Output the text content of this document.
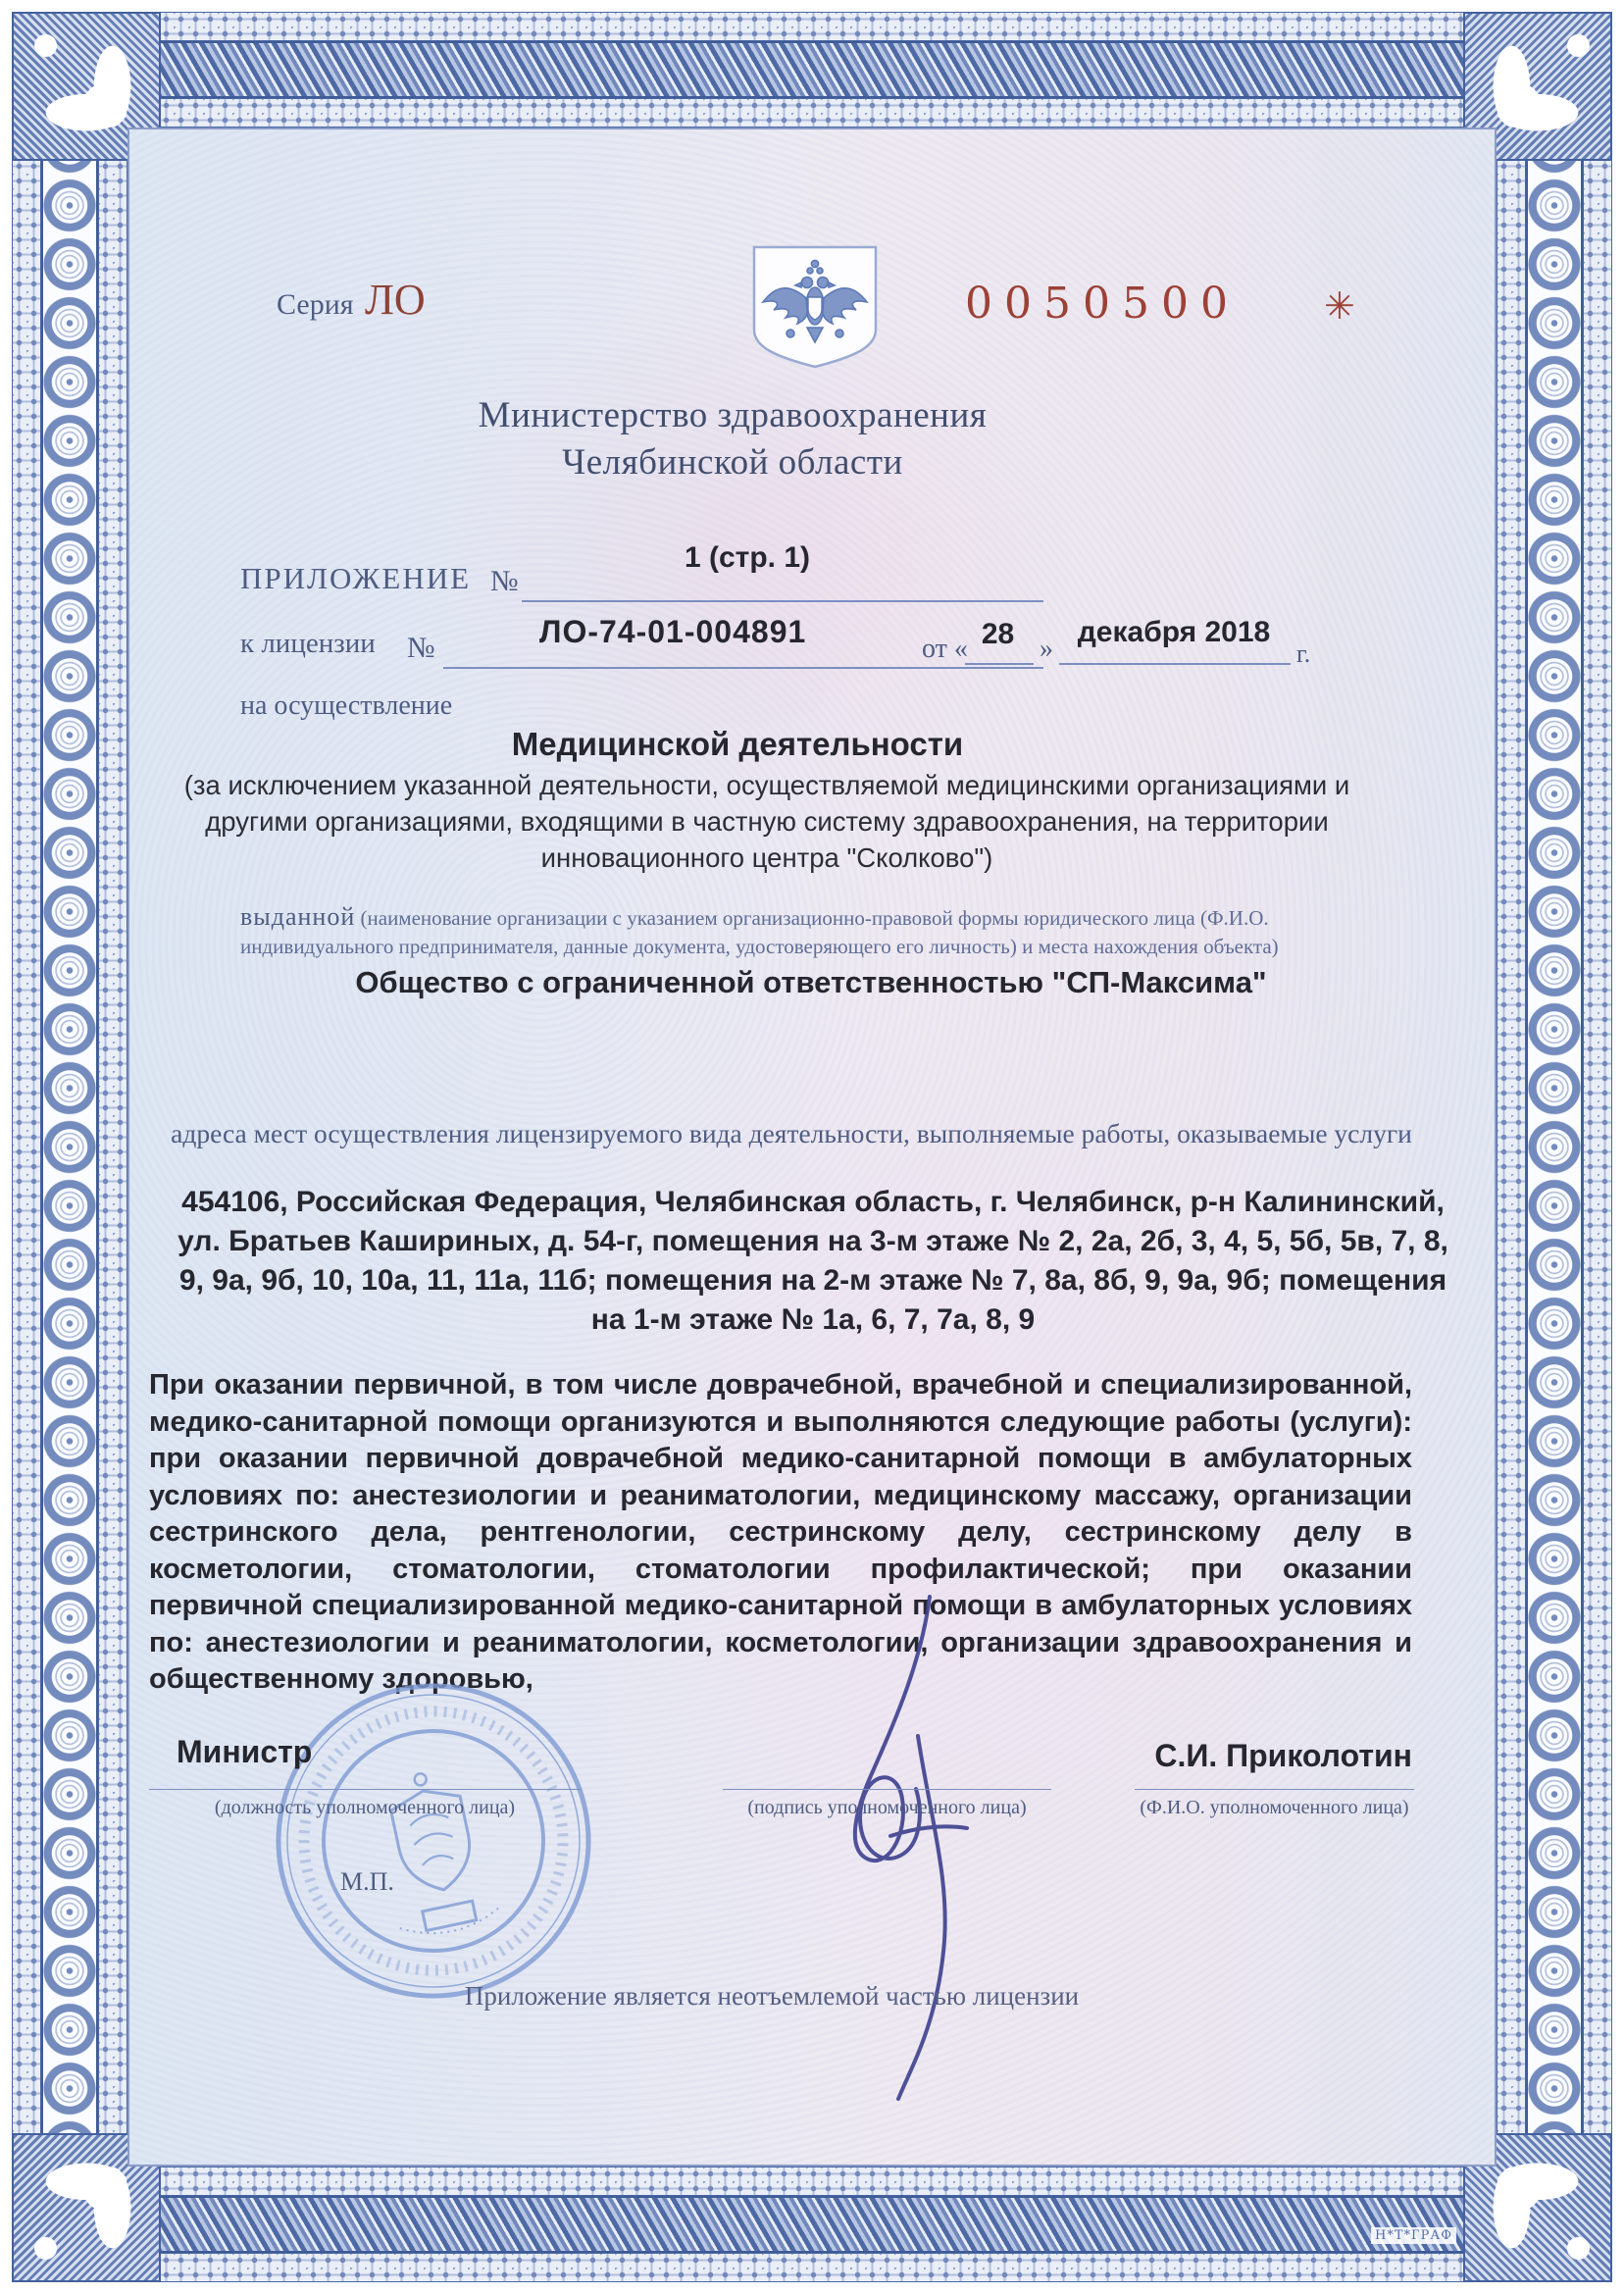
Серия ЛО	0050500 ✳
Министерство здравоохранения
Челябинской области
ПРИЛОЖЕНИЕ №
1 (стр. 1)
к лицензии №	ЛО-74-01-004891	от « 28 »
декабря 2018
г.
на осуществление
Медицинской деятельности
(за исключением указанной деятельности, осуществляемой медицинскими организациями и другими организациями, входящими в частную систему здравоохранения, на территории инновационного центра "Сколково")
выданной (наименование организации с указанием организационно-правовой формы юридического лица (Ф.И.О. индивидуального предпринимателя, данные документа, удостоверяющего его личность) и места нахождения объекта)
Общество с ограниченной ответственностью "СП-Максима"
адреса мест осуществления лицензируемого вида деятельности, выполняемые работы, оказываемые услуги
454106, Российская Федерация, Челябинская область, г. Челябинск, р-н Калининский, ул. Братьев Кашириных, д. 54-г, помещения на 3-м этаже № 2, 2а, 2б, 3, 4, 5, 5б, 5в, 7, 8, 9, 9а, 9б, 10, 10а, 11, 11а, 11б; помещения на 2-м этаже № 7, 8а, 8б, 9, 9а, 9б; помещения на 1-м этаже № 1а, 6, 7, 7а, 8, 9
При оказании первичной, в том числе доврачебной, врачебной и специализированной, медико-санитарной помощи организуются и выполняются следующие работы (услуги): при оказании первичной доврачебной медико-санитарной помощи в амбулаторных условиях по: анестезиологии и реаниматологии, медицинскому массажу, организации сестринского дела, рентгенологии, сестринскому делу, сестринскому делу в косметологии, стоматологии, стоматологии профилактической; при оказании первичной специализированной медико-санитарной помощи в амбулаторных условиях по: анестезиологии и реаниматологии, косметологии, организации здравоохранения и общественному здоровью,
Министр	С.И. Приколотин
(должность уполномоченного лица)	(подпись уполномоченного лица)	(Ф.И.О. уполномоченного лица)
М.П.
Приложение является неотъемлемой частью лицензии
Н*Т*ГРАФ
